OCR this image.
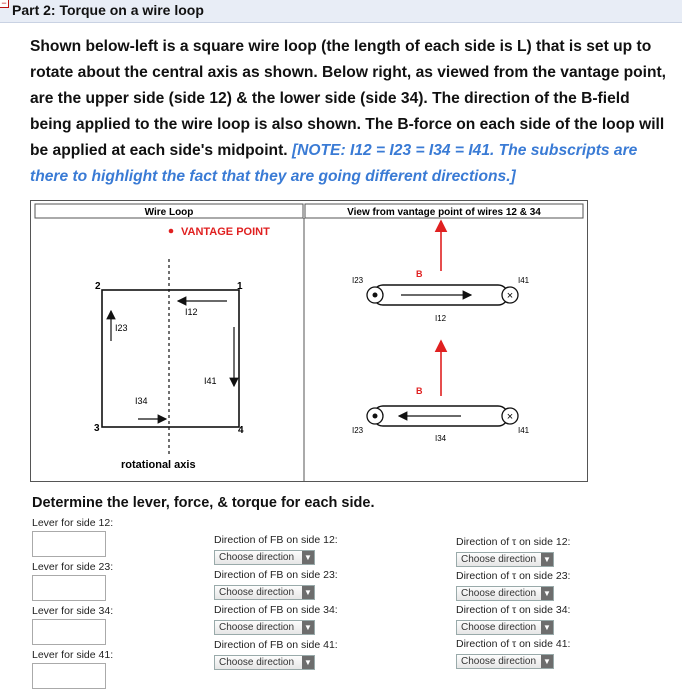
− Part 2: Torque on a wire loop
Shown below-left is a square wire loop (the length of each side is L) that is set up to rotate about the central axis as shown. Below right, as viewed from the vantage point, are the upper side (side 12) & the lower side (side 34). The direction of the B-field being applied to the wire loop is also shown. The B-force on each side of the loop will be applied at each side's midpoint. [NOTE: I12 = I23 = I34 = I41. The subscripts are there to highlight the fact that they are going different directions.]
Wire Loop	View from vantage point of wires 12 & 34
VANTAGE POINT
2	1
3	4
I12
I23
I41
I34
rotational axis
B
×
I23	I41
I12
B
×
I23	I41
I34
Determine the lever, force, & torque for each side.
Lever for side 12:
Lever for side 23:
Lever for side 34:
Lever for side 41:
Direction of FB on side 12:
Choose direction ▼
Direction of FB on side 23:
Choose direction ▼
Direction of FB on side 34:
Choose direction ▼
Direction of FB on side 41:
Choose direction ▼
Direction of τ on side 12:
Choose direction ▼
Direction of τ on side 23:
Choose direction ▼
Direction of τ on side 34:
Choose direction ▼
Direction of τ on side 41:
Choose direction ▼
